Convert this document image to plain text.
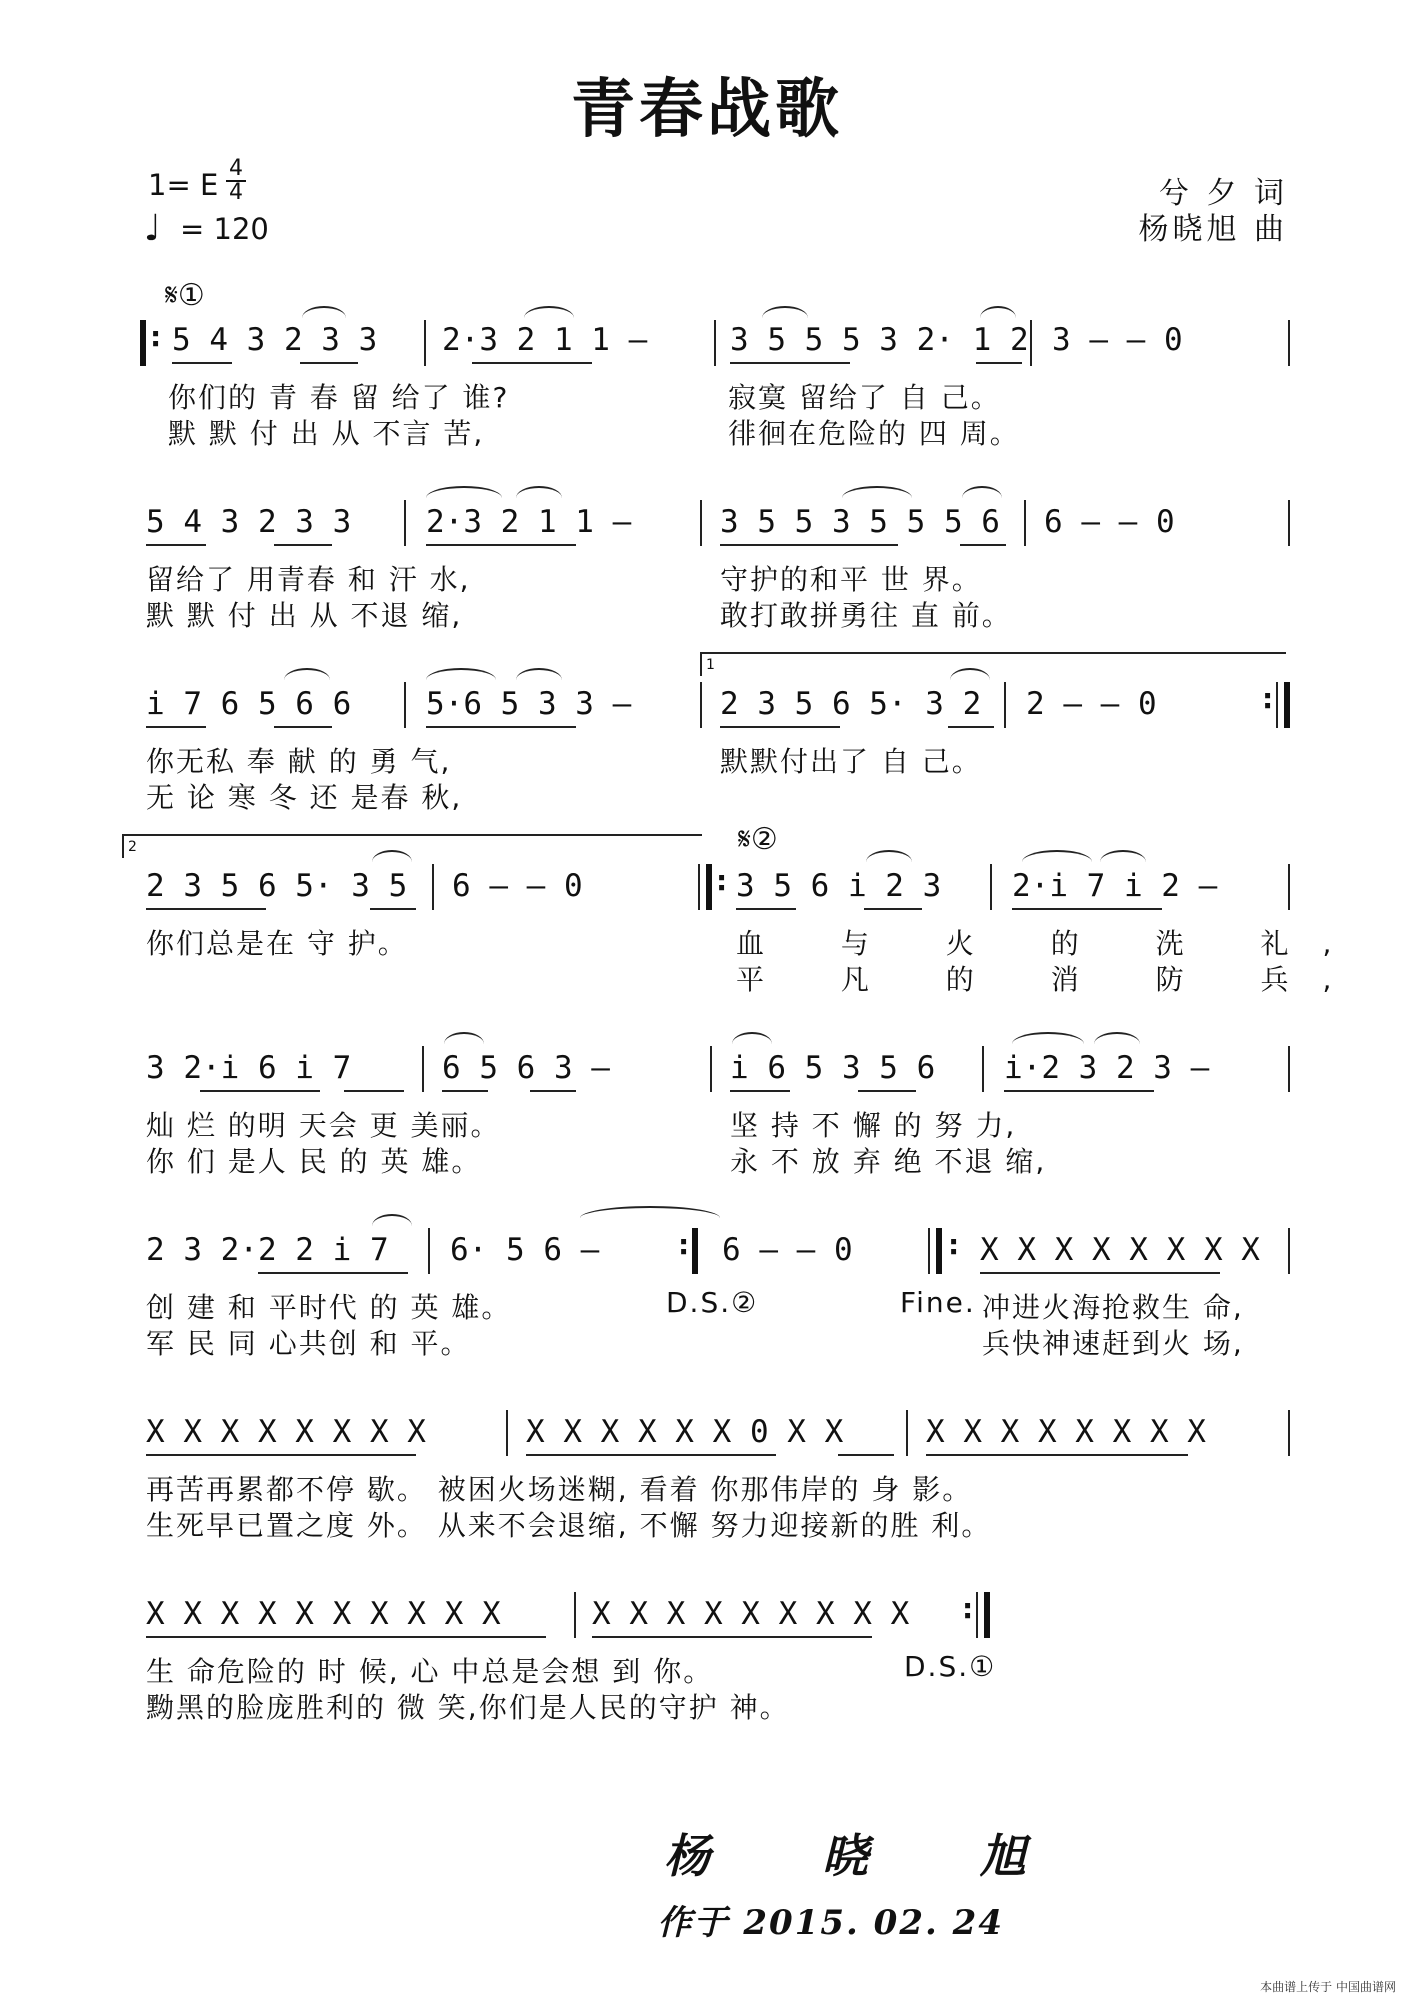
青春战歌
1= E 4
4
♩ = 120
兮 夕 词
杨晓旭 曲
𝄋①
: 5 4 3 2 3 3 2·3 2 1 1 –	3 5 5 5 3 2· 1 2 3 – – 0
你们的 青 春 留 给了 谁?	寂寞 留给了 自 己。
默 默 付 出 从 不言 苦,	徘徊在危险的 四 周。
5 4 3 2 3 3 2·3 2 1 1 –	3 5 5 3 5 5 5 6 6 – – 0
留给了 用青春 和 汗 水,	守护的和平 世 界。
默 默 付 出 从 不退 缩,	敢打敢拼勇往 直 前。
1
i 7 6 5 6 6 5·6 5 3 3 –	2 3 5 6 5· 3 2 2 – – 0	:
你无私 奉 献 的 勇 气,	默默付出了 自 己。
无 论 寒 冬 还 是春 秋,
2	𝄋②
2 3 5 6 5· 3 5 6 – – 0	: 3 5 6 i 2 3 2·i 7 i 2 –
你们总是在 守 护。	血 与 火 的 洗 礼,
平 凡 的 消 防 兵,
3 2·i 6 i 7	6 5 6 3 –	i 6 5 3 5 6 i·2 3 2 3 –
灿 烂 的明 天会 更 美丽。	坚 持 不 懈 的 努 力,
你 们 是人 民 的 英 雄。	永 不 放 弃 绝 不退 缩,
2 3 2·2 2 i 7 6· 5 6 –	: 6 – – 0	: X X X X X X X X
创 建 和 平时代 的 英 雄。	D.S.②	Fine. 冲进火海抢救生 命,
军 民 同 心共创 和 平。	兵快神速赶到火 场,
X X X X X X X X	X X X X X X 0 X X	X X X X X X X X
再苦再累都不停 歇。 被困火场迷糊, 看着 你那伟岸的 身 影。
生死早已置之度 外。 从来不会退缩, 不懈 努力迎接新的胜 利。
X X X X X X X X X X	X X X X X X X X X :
生 命危险的 时 候, 心 中总是会想 到 你。	D.S.①
黝黑的脸庞胜利的 微 笑,你们是人民的守护 神。
杨 晓 旭
作于 2015. 02. 24
本曲谱上传于 中国曲谱网
